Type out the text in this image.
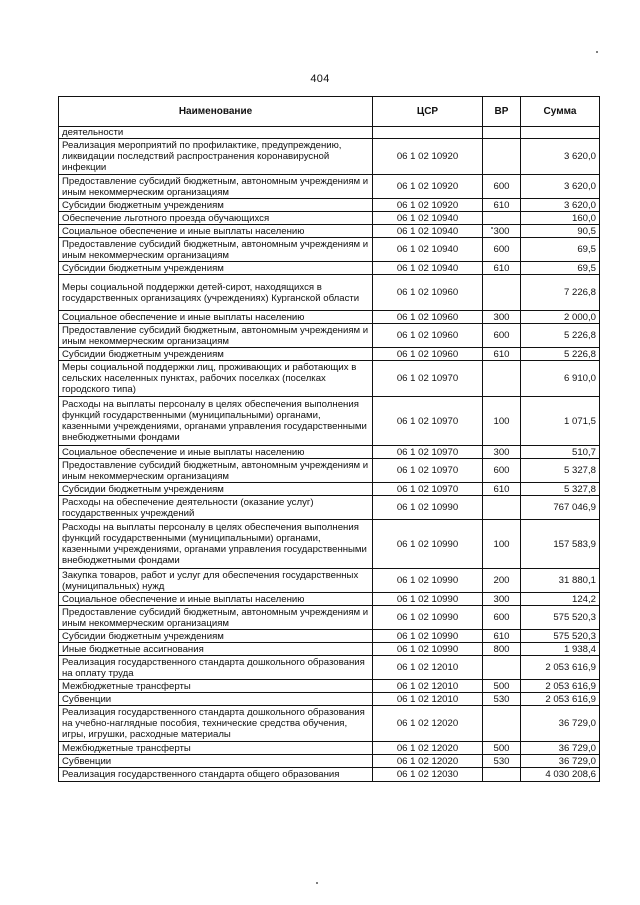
404
Наименование	ЦСР	ВР	Сумма
деятельности			
Реализация мероприятий по профилактике, предупреждению, ликвидации последствий распространения коронавирусной инфекции	06 1 02 10920		3 620,0
Предоставление субсидий бюджетным, автономным учреждениям и иным некоммерческим организациям	06 1 02 10920	600	3 620,0
Субсидии бюджетным учреждениям	06 1 02 10920	610	3 620,0
Обеспечение льготного проезда обучающихся	06 1 02 10940		160,0
Социальное обеспечение и иные выплаты населению	06 1 02 10940	300	90,5
Предоставление субсидий бюджетным, автономным учреждениям и иным некоммерческим организациям	06 1 02 10940	600	69,5
Субсидии бюджетным учреждениям	06 1 02 10940	610	69,5
Меры социальной поддержки детей-сирот, находящихся в государственных организациях (учреждениях) Курганской области	06 1 02 10960		7 226,8
Социальное обеспечение и иные выплаты населению	06 1 02 10960	300	2 000,0
Предоставление субсидий бюджетным, автономным учреждениям и иным некоммерческим организациям	06 1 02 10960	600	5 226,8
Субсидии бюджетным учреждениям	06 1 02 10960	610	5 226,8
Меры социальной поддержки лиц, проживающих и работающих в сельских населенных пунктах, рабочих поселках (поселках городского типа)	06 1 02 10970		6 910,0
Расходы на выплаты персоналу в целях обеспечения выполнения функций государственными (муниципальными) органами, казенными учреждениями, органами управления государственными внебюджетными фондами	06 1 02 10970	100	1 071,5
Социальное обеспечение и иные выплаты населению	06 1 02 10970	300	510,7
Предоставление субсидий бюджетным, автономным учреждениям и иным некоммерческим организациям	06 1 02 10970	600	5 327,8
Субсидии бюджетным учреждениям	06 1 02 10970	610	5 327,8
Расходы на обеспечение деятельности (оказание услуг) государственных учреждений	06 1 02 10990		767 046,9
Расходы на выплаты персоналу в целях обеспечения выполнения функций государственными (муниципальными) органами, казенными учреждениями, органами управления государственными внебюджетными фондами	06 1 02 10990	100	157 583,9
Закупка товаров, работ и услуг для обеспечения государственных (муниципальных) нужд	06 1 02 10990	200	31 880,1
Социальное обеспечение и иные выплаты населению	06 1 02 10990	300	124,2
Предоставление субсидий бюджетным, автономным учреждениям и иным некоммерческим организациям	06 1 02 10990	600	575 520,3
Субсидии бюджетным учреждениям	06 1 02 10990	610	575 520,3
Иные бюджетные ассигнования	06 1 02 10990	800	1 938,4
Реализация государственного стандарта дошкольного образования на оплату труда	06 1 02 12010		2 053 616,9
Межбюджетные трансферты	06 1 02 12010	500	2 053 616,9
Субвенции	06 1 02 12010	530	2 053 616,9
Реализация государственного стандарта дошкольного образования на учебно-наглядные пособия, технические средства обучения, игры, игрушки, расходные материалы	06 1 02 12020		36 729,0
Межбюджетные трансферты	06 1 02 12020	500	36 729,0
Субвенции	06 1 02 12020	530	36 729,0
Реализация государственного стандарта общего образования	06 1 02 12030		4 030 208,6
